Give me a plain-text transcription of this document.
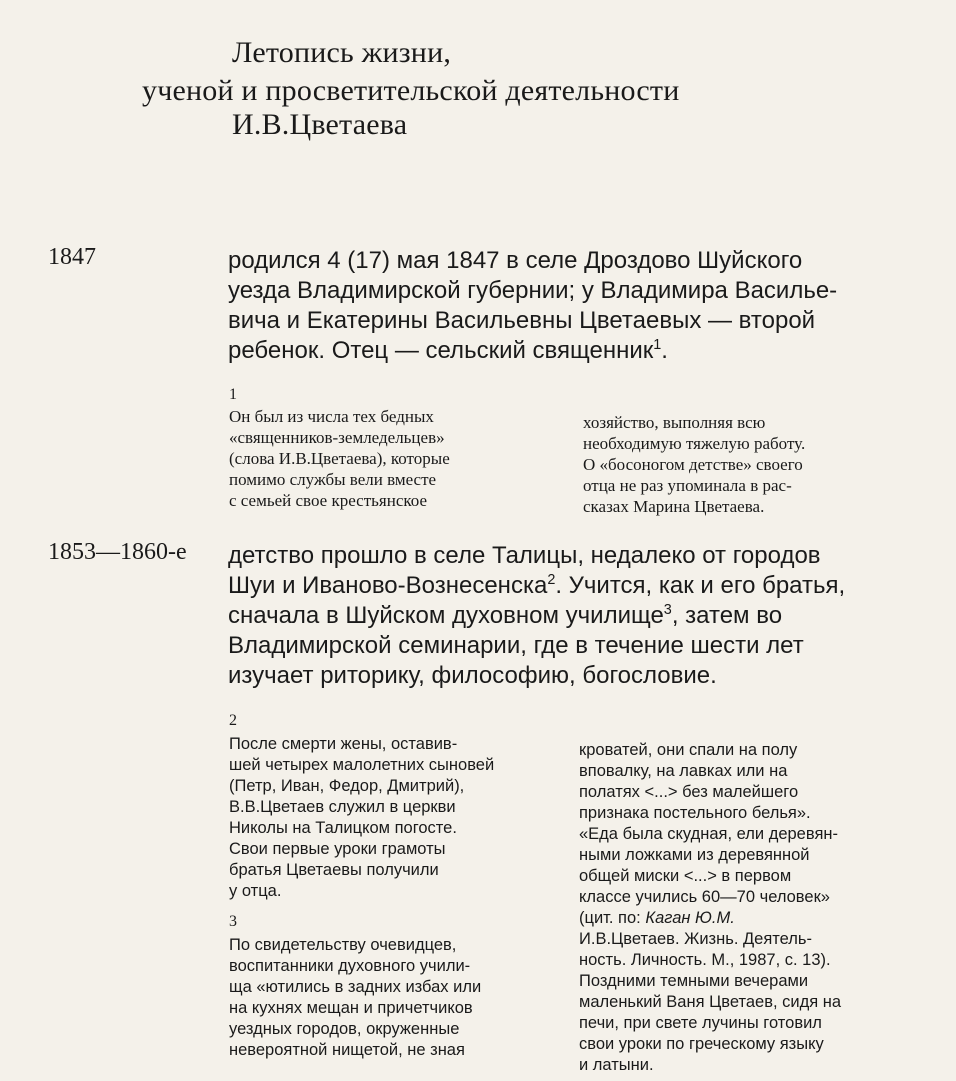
Летопись жизни,
ученой и просветительской деятельности
И.В.Цветаева
1847	родился 4 (17) мая 1847 в селе Дроздово Шуйского
уезда Владимирской губернии; у Владимира Василье-
вича и Екатерины Васильевны Цветаевых — второй
ребенок. Отец — сельский священник$^1$.
1
Он был из числа тех бедных
«священников-земледельцев»
(слова И.В.Цветаева), которые
помимо службы вели вместе
с семьей свое крестьянское
хозяйство, выполняя всю
необходимую тяжелую работу.
О «босоногом детстве» своего
отца не раз упоминала в рас-
сказах Марина Цветаева.
1853—1860-е детство прошло в селе Талицы, недалеко от городов
Шуи и Иваново-Вознесенска$^2$. Учится, как и его братья,
сначала в Шуйском духовном училище$^3$, затем во
Владимирской семинарии, где в течение шести лет
изучает риторику, философию, богословие.
2
После смерти жены, оставив-
шей четырех малолетних сыновей
(Петр, Иван, Федор, Дмитрий),
В.В.Цветаев служил в церкви
Николы на Талицком погосте.
Свои первые уроки грамоты
братья Цветаевы получили
у отца.
3
По свидетельству очевидцев,
воспитанники духовного учили-
ща «ютились в задних избах или
на кухнях мещан и причетчиков
уездных городов, окруженные
невероятной нищетой, не зная
кроватей, они спали на полу
вповалку, на лавках или на
полатях <...> без малейшего
признака постельного белья».
«Еда была скудная, ели деревян-
ными ложками из деревянной
общей миски <...> в первом
классе учились 60—70 человек»
(цит. по: Каган Ю.М.
И.В.Цветаев. Жизнь. Деятель-
ность. Личность. М., 1987, с. 13).
Поздними темными вечерами
маленький Ваня Цветаев, сидя на
печи, при свете лучины готовил
свои уроки по греческому языку
и латыни.
